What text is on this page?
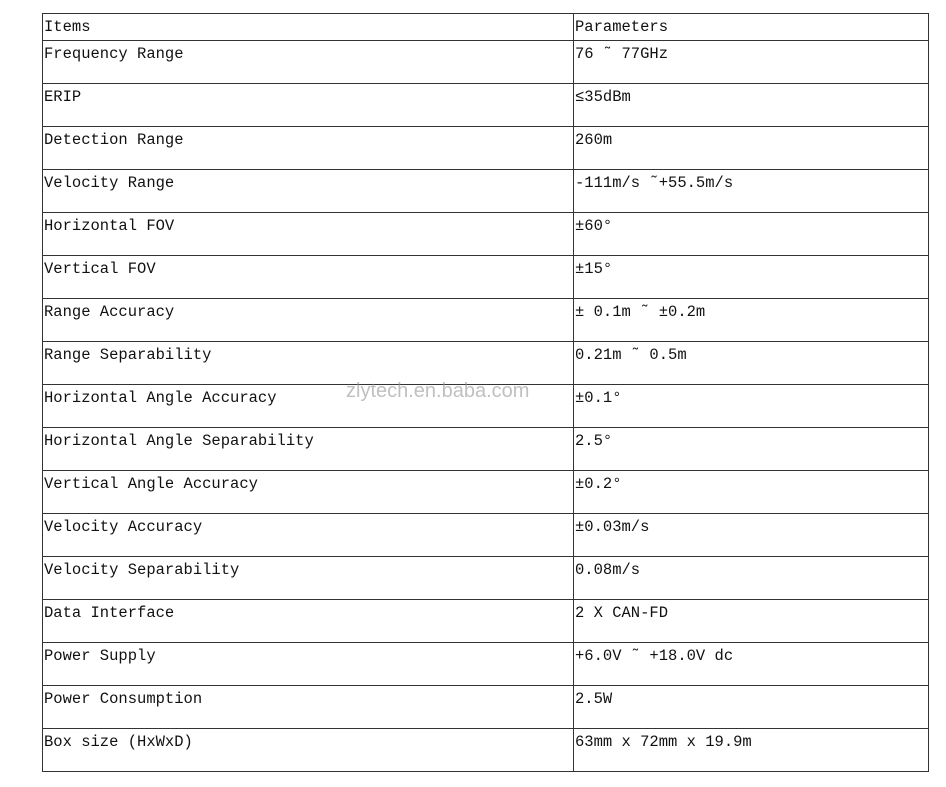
Items	Parameters
Frequency Range	76 ˜ 77GHz
ERIP	≤35dBm
Detection Range	260m
Velocity Range	-111m/s ˜+55.5m/s
Horizontal FOV	±60°
Vertical FOV	±15°
Range Accuracy	± 0.1m ˜ ±0.2m
Range Separability	0.21m ˜ 0.5m
Horizontal Angle Accuracy	±0.1°
Horizontal Angle Separability	2.5°
Vertical Angle Accuracy	±0.2°
Velocity Accuracy	±0.03m/s
Velocity Separability	0.08m/s
Data Interface	2 X CAN-FD
Power Supply	+6.0V ˜ +18.0V dc
Power Consumption	2.5W
Box size (HxWxD)	63mm x 72mm x 19.9m
zlytech.en.baba.com
